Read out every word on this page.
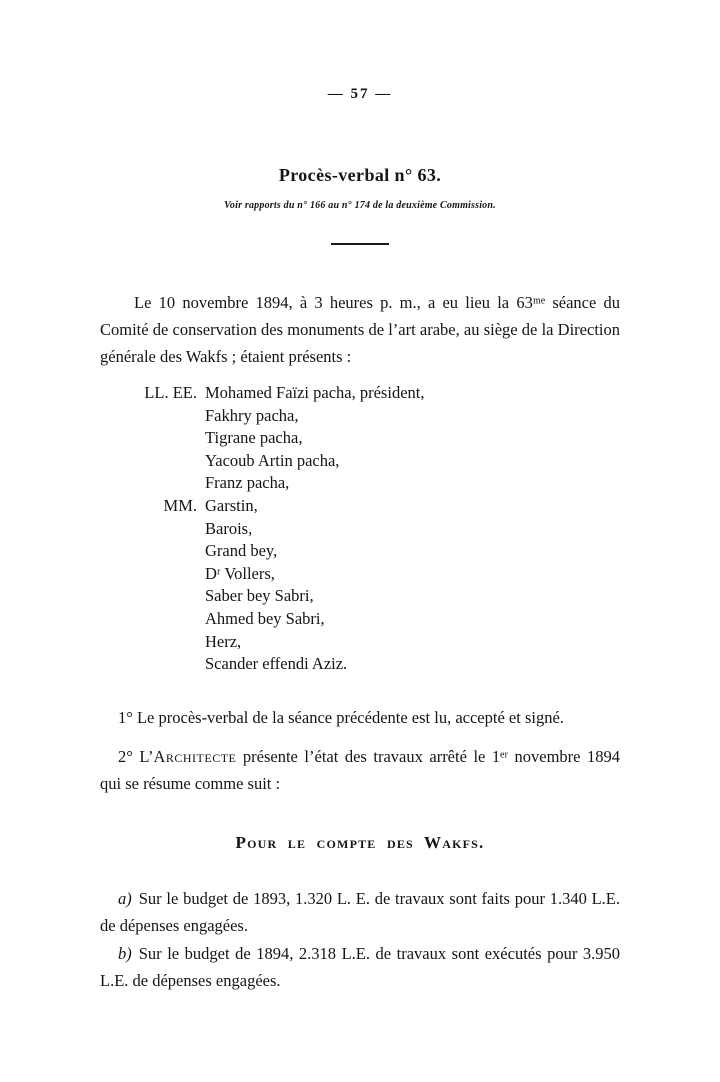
— 57 —
Procès-verbal n° 63.
Voir rapports du n° 166 au n° 174 de la deuxième Commission.

Le 10 novembre 1894, à 3 heures p. m., a eu lieu la 63ᵐᵉ séance du Comité de conservation des monuments de l’art arabe, au siège de la Direction générale des Wakfs ; étaient présents :

LL. EE. Mohamed Faïzi pacha, président,
Fakhry pacha,
Tigrane pacha,
Yacoub Artin pacha,
Franz pacha,
MM. Garstin,
Barois,
Grand bey,
Dʳ Vollers,
Saber bey Sabri,
Ahmed bey Sabri,
Herz,
Scander effendi Aziz.

1° Le procès-verbal de la séance précédente est lu, accepté et signé.

2° L’Architecte présente l’état des travaux arrêté le 1ᵉʳ novembre 1894 qui se résume comme suit :

Pour le compte des Wakfs.

a) Sur le budget de 1893, 1.320 L. E. de travaux sont faits pour 1.340 L.E. de dépenses engagées.

b) Sur le budget de 1894, 2.318 L.E. de travaux sont exécutés pour 3.950 L.E. de dépenses engagées.
